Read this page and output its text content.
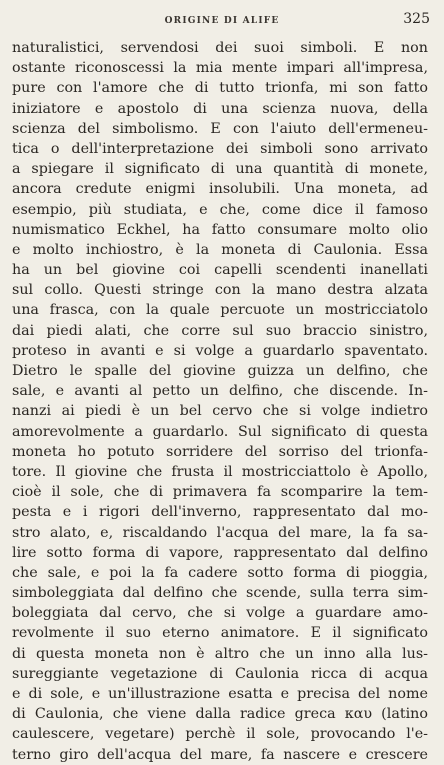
ORIGINE DI ALIFE	325
naturalistici, servendosi dei suoi simboli. E non
ostante riconoscessi la mia mente impari all'impresa,
pure con l'amore che di tutto trionfa, mi son fatto
iniziatore e apostolo di una scienza nuova, della
scienza del simbolismo. E con l'aiuto dell'ermeneu-
tica o dell'interpretazione dei simboli sono arrivato
a spiegare il significato di una quantità di monete,
ancora credute enigmi insolubili. Una moneta, ad
esempio, più studiata, e che, come dice il famoso
numismatico Eckhel, ha fatto consumare molto olio
e molto inchiostro, è la moneta di Caulonia. Essa
ha un bel giovine coi capelli scendenti inanellati
sul collo. Questi stringe con la mano destra alzata
una frasca, con la quale percuote un mostricciatolo
dai piedi alati, che corre sul suo braccio sinistro,
proteso in avanti e si volge a guardarlo spaventato.
Dietro le spalle del giovine guizza un delfino, che
sale, e avanti al petto un delfino, che discende. In-
nanzi ai piedi è un bel cervo che si volge indietro
amorevolmente a guardarlo. Sul significato di questa
moneta ho potuto sorridere del sorriso del trionfa-
tore. Il giovine che frusta il mostricciattolo è Apollo,
cioè il sole, che di primavera fa scomparire la tem-
pesta e i rigori dell'inverno, rappresentato dal mo-
stro alato, e, riscaldando l'acqua del mare, la fa sa-
lire sotto forma di vapore, rappresentato dal delfino
che sale, e poi la fa cadere sotto forma di pioggia,
simboleggiata dal delfino che scende, sulla terra sim-
boleggiata dal cervo, che si volge a guardare amo-
revolmente il suo eterno animatore. E il significato
di questa moneta non è altro che un inno alla lus-
sureggiante vegetazione di Caulonia ricca di acqua
e di sole, e un'illustrazione esatta e precisa del nome
di Caulonia, che viene dalla radice greca καυ (latino
caulescere, vegetare) perchè il sole, provocando l'e-
terno giro dell'acqua del mare, fa nascere e crescere
